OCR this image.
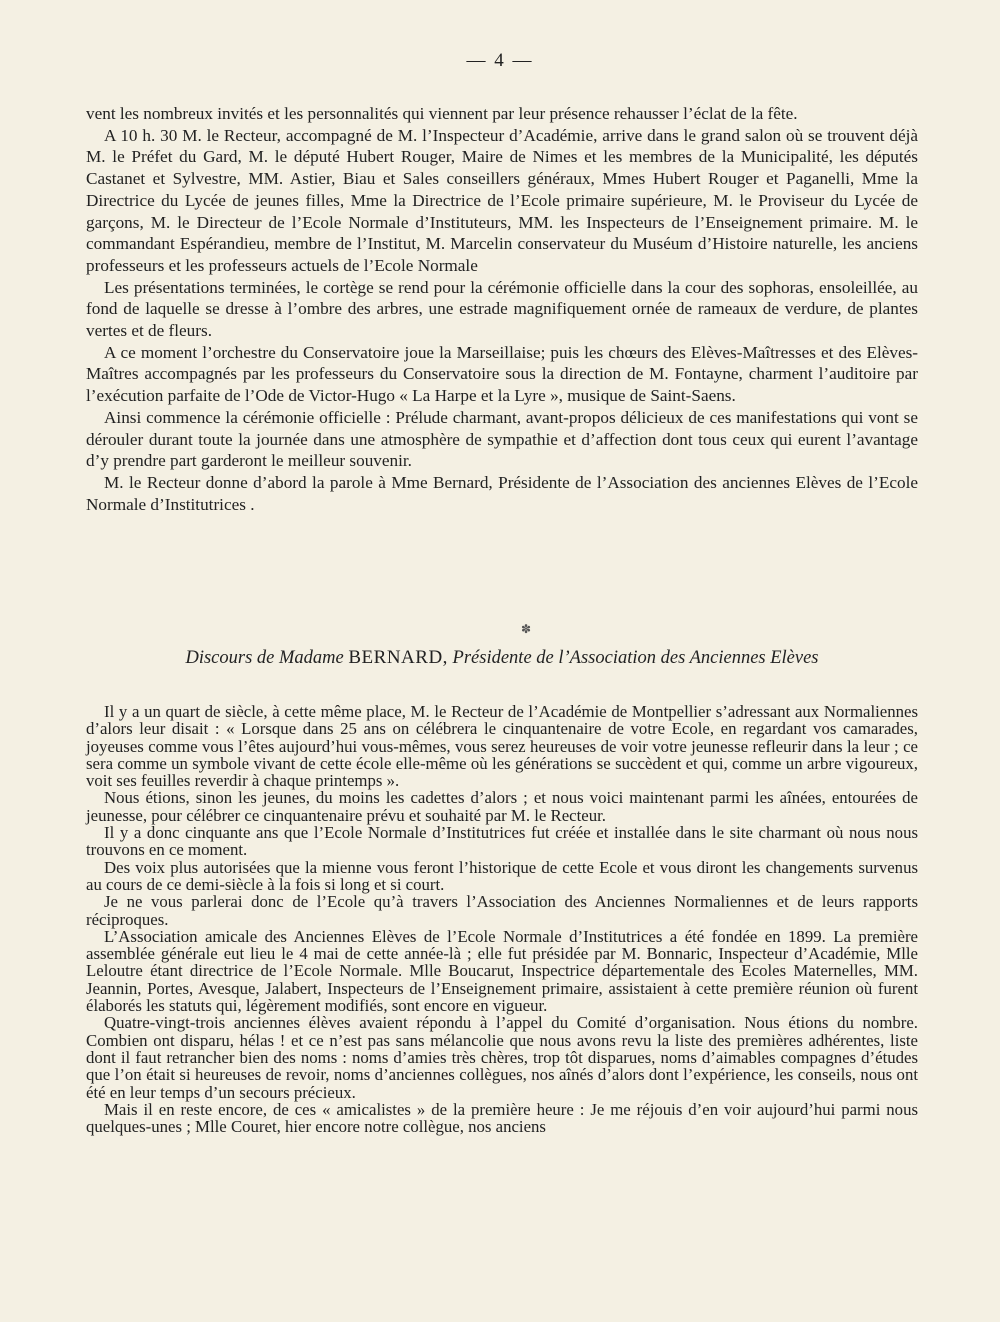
— 4 —

vent les nombreux invités et les personnalités qui viennent par leur présence rehausser l’éclat de la fête.

A 10 h. 30 M. le Recteur, accompagné de M. l’Inspecteur d’Académie, arrive dans le grand salon où se trouvent déjà M. le Préfet du Gard, M. le député Hubert Rouger, Maire de Nimes et les membres de la Municipalité, les députés Castanet et Sylvestre, MM. Astier, Biau et Sales conseillers généraux, Mmes Hubert Rouger et Paganelli, Mme la Directrice du Lycée de jeunes filles, Mme la Directrice de l’Ecole primaire supérieure, M. le Proviseur du Lycée de garçons, M. le Directeur de l’Ecole Normale d’Instituteurs, MM. les Inspecteurs de l’Enseignement primaire. M. le commandant Espérandieu, membre de l’Institut, M. Marcelin conservateur du Muséum d’Histoire naturelle, les anciens professeurs et les professeurs actuels de l’Ecole Normale

Les présentations terminées, le cortège se rend pour la cérémonie officielle dans la cour des sophoras, ensoleillée, au fond de laquelle se dresse à l’ombre des arbres, une estrade magnifiquement ornée de rameaux de verdure, de plantes vertes et de fleurs.

A ce moment l’orchestre du Conservatoire joue la Marseillaise; puis les chœurs des Elèves-Maîtresses et des Elèves-Maîtres accompagnés par les professeurs du Conservatoire sous la direction de M. Fontayne, charment l’auditoire par l’exécution parfaite de l’Ode de Victor-Hugo « La Harpe et la Lyre », musique de Saint-Saens.

Ainsi commence la cérémonie officielle : Prélude charmant, avant-propos délicieux de ces manifestations qui vont se dérouler durant toute la journée dans une atmosphère de sympathie et d’affection dont tous ceux qui eurent l’avantage d’y prendre part garderont le meilleur souvenir.

M. le Recteur donne d’abord la parole à Mme Bernard, Présidente de l’Association des anciennes Elèves de l’Ecole Normale d’Institutrices .

✽
Discours de Madame BERNARD, Présidente de l’Association des Anciennes Elèves

Il y a un quart de siècle, à cette même place, M. le Recteur de l’Académie de Montpellier s’adressant aux Normaliennes d’alors leur disait : « Lorsque dans 25 ans on célébrera le cinquantenaire de votre Ecole, en regardant vos camarades, joyeuses comme vous l’êtes aujourd’hui vous-mêmes, vous serez heureuses de voir votre jeunesse refleurir dans la leur ; ce sera comme un symbole vivant de cette école elle-même où les générations se succèdent et qui, comme un arbre vigoureux, voit ses feuilles reverdir à chaque printemps ».

Nous étions, sinon les jeunes, du moins les cadettes d’alors ; et nous voici maintenant parmi les aînées, entourées de jeunesse, pour célébrer ce cinquantenaire prévu et souhaité par M. le Recteur.

Il y a donc cinquante ans que l’Ecole Normale d’Institutrices fut créée et installée dans le site charmant où nous nous trouvons en ce moment.

Des voix plus autorisées que la mienne vous feront l’historique de cette Ecole et vous diront les changements survenus au cours de ce demi-siècle à la fois si long et si court.

Je ne vous parlerai donc de l’Ecole qu’à travers l’Association des Anciennes Normaliennes et de leurs rapports réciproques.

L’Association amicale des Anciennes Elèves de l’Ecole Normale d’Institutrices a été fondée en 1899. La première assemblée générale eut lieu le 4 mai de cette année-là ; elle fut présidée par M. Bonnaric, Inspecteur d’Académie, Mlle Leloutre étant directrice de l’Ecole Normale. Mlle Boucarut, Inspectrice départementale des Ecoles Maternelles, MM. Jeannin, Portes, Avesque, Jalabert, Inspecteurs de l’Enseignement primaire, assistaient à cette première réunion où furent élaborés les statuts qui, légèrement modifiés, sont encore en vigueur.

Quatre-vingt-trois anciennes élèves avaient répondu à l’appel du Comité d’organisation. Nous étions du nombre. Combien ont disparu, hélas ! et ce n’est pas sans mélancolie que nous avons revu la liste des premières adhérentes, liste dont il faut retrancher bien des noms : noms d’amies très chères, trop tôt disparues, noms d’aimables compagnes d’études que l’on était si heureuses de revoir, noms d’anciennes collègues, nos aînés d’alors dont l’expérience, les conseils, nous ont été en leur temps d’un secours précieux.

Mais il en reste encore, de ces « amicalistes » de la première heure : Je me réjouis d’en voir aujourd’hui parmi nous quelques-unes ; Mlle Couret, hier encore notre collègue, nos anciens
